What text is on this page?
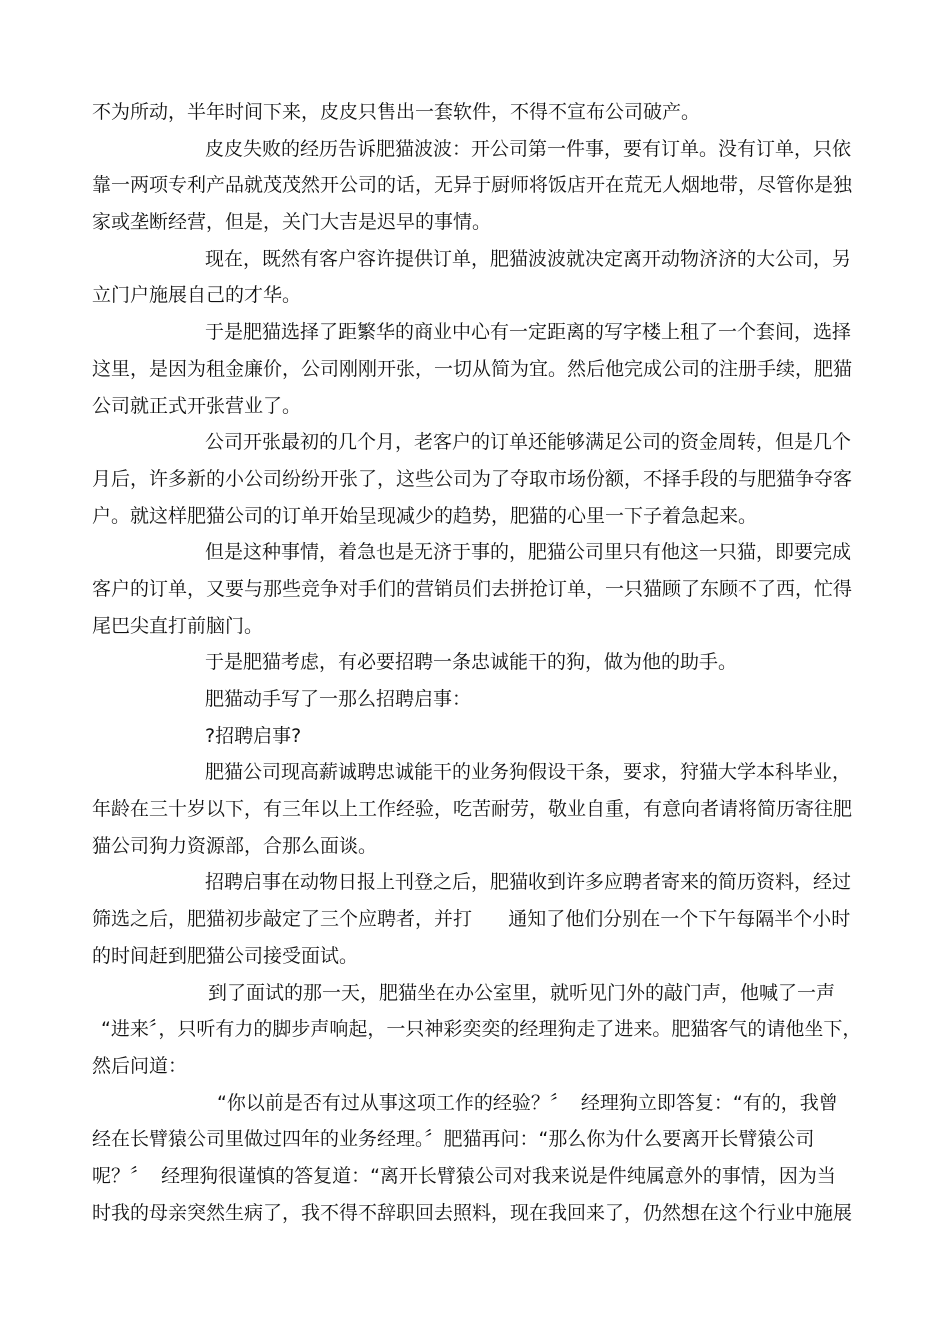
不为所动，半年时间下来，皮皮只售出一套软件，不得不宣布公司破产。
皮皮失败的经历告诉肥猫波波：开公司第一件事，要有订单。没有订单，只依
靠一两项专利产品就茂茂然开公司的话，无异于厨师将饭店开在荒无人烟地带，尽管你是独
家或垄断经营，但是，关门大吉是迟早的事情。
现在，既然有客户容许提供订单，肥猫波波就决定离开动物济济的大公司，另
立门户施展自己的才华。
于是肥猫选择了距繁华的商业中心有一定距离的写字楼上租了一个套间，选择
这里，是因为租金廉价，公司刚刚开张，一切从简为宜。然后他完成公司的注册手续，肥猫
公司就正式开张营业了。
公司开张最初的几个月，老客户的订单还能够满足公司的资金周转，但是几个
月后，许多新的小公司纷纷开张了，这些公司为了夺取市场份额，不择手段的与肥猫争夺客
户。就这样肥猫公司的订单开始呈现减少的趋势，肥猫的心里一下子着急起来。
但是这种事情，着急也是无济于事的，肥猫公司里只有他这一只猫，即要完成
客户的订单，又要与那些竞争对手们的营销员们去拼抢订单，一只猫顾了东顾不了西，忙得
尾巴尖直打前脑门。
于是肥猫考虑，有必要招聘一条忠诚能干的狗，做为他的助手。
肥猫动手写了一那么招聘启事：
?招聘启事?
肥猫公司现高薪诚聘忠诚能干的业务狗假设干条，要求，狩猫大学本科毕业，
年龄在三十岁以下，有三年以上工作经验，吃苦耐劳，敬业自重，有意向者请将简历寄往肥
猫公司狗力资源部，合那么面谈。
招聘启事在动物日报上刊登之后，肥猫收到许多应聘者寄来的简历资料，经过
筛选之后，肥猫初步敲定了三个应聘者，并打      通知了他们分别在一个下午每隔半个小时
的时间赶到肥猫公司接受面试。
到了面试的那一天，肥猫坐在办公室里，就听见门外的敲门声，他喊了一声
“进来〞，只听有力的脚步声响起，一只神彩奕奕的经理狗走了进来。肥猫客气的请他坐下，
然后问道：
“你以前是否有过从事这项工作的经验？〞  经理狗立即答复：“有的，我曾
经在长臂猿公司里做过四年的业务经理。〞肥猫再问：“那么你为什么要离开长臂猿公司
呢？〞  经理狗很谨慎的答复道：“离开长臂猿公司对我来说是件纯属意外的事情，因为当
时我的母亲突然生病了，我不得不辞职回去照料，现在我回来了，仍然想在这个行业中施展
